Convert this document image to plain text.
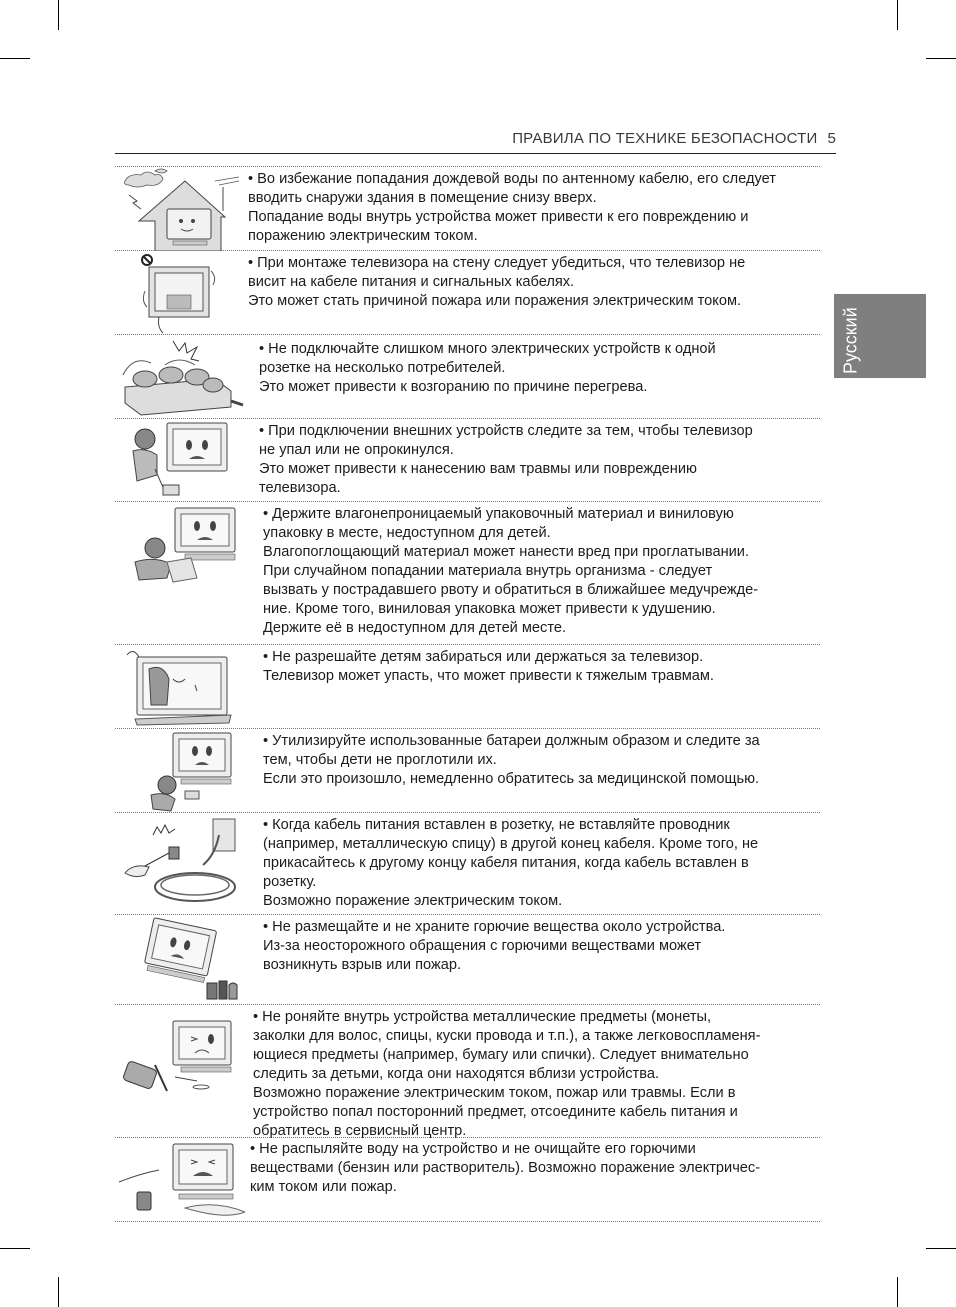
ПРАВИЛА ПО ТЕХНИКЕ БЕЗОПАСНОСТИ 5
Русский

• Во избежание попадания дождевой воды по антенному кабелю, его следует

вводить снаружи здания в помещение снизу вверх.

Попадание воды внутрь устройства может привести к его повреждению и

поражению электрическим током.

• При монтаже телевизора на стену следует убедиться, что телевизор не

висит на кабеле питания и сигнальных кабелях.

Это может стать причиной пожара или поражения электрическим током.

• Не подключайте слишком много электрических устройств к одной

розетке на несколько потребителей.

Это может привести к возгоранию по причине перегрева.

• При подключении внешних устройств следите за тем, чтобы телевизор

не упал или не опрокинулся.

Это может привести к нанесению вам травмы или повреждению

телевизора.

• Держите влагонепроницаемый упаковочный материал и виниловую

упаковку в месте, недоступном для детей.

Влагопоглощающий материал может нанести вред при проглатывании.

При случайном попадании материала внутрь организма - следует

вызвать у пострадавшего рвоту и обратиться в ближайшее медучрежде-

ние. Кроме того, виниловая упаковка может привести к удушению.

Держите её в недоступном для детей месте.

• Не разрешайте детям забираться или держаться за телевизор.

Телевизор может упасть, что может привести к тяжелым травмам.

• Утилизируйте использованные батареи должным образом и следите за

тем, чтобы дети не проглотили их.

Если это произошло, немедленно обратитесь за медицинской помощью.

• Когда кабель питания вставлен в розетку, не вставляйте проводник

(например, металлическую спицу) в другой конец кабеля. Кроме того, не

прикасайтесь к другому концу кабеля питания, когда кабель вставлен в

розетку.

Возможно поражение электрическим током.

• Не размещайте и не храните горючие вещества около устройства.

Из-за неосторожного обращения с горючими веществами может

возникнуть взрыв или пожар.

• Не роняйте внутрь устройства металлические предметы (монеты,

заколки для волос, спицы, куски провода и т.п.), а также легковоспламеня-

ющиеся предметы (например, бумагу или спички). Следует внимательно

следить за детьми, когда они находятся вблизи устройства.

Возможно поражение электрическим током, пожар или травмы. Если в

устройство попал посторонний предмет, отсоедините кабель питания и

обратитесь в сервисный центр.

• Не распыляйте воду на устройство и не очищайте его горючими

веществами (бензин или растворитель). Возможно поражение электричес-

ким током или пожар.
